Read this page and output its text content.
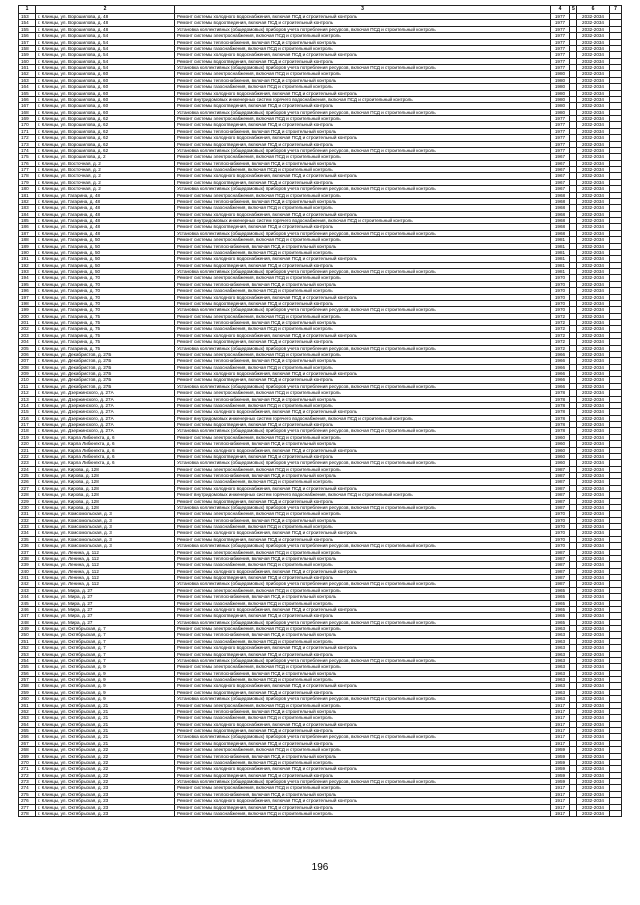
1	2	3	4	5	6	7
153	г. Клинцы, ул. Ворошилова, д. 48	Ремонт системы холодного водоснабжения, включая ПСД и строительный контроль	1977		2032-2034	
154	г. Клинцы, ул. Ворошилова, д. 48	Ремонт системы водоотведения, включая ПСД и строительный контроль	1977		2032-2034	
155	г. Клинцы, ул. Ворошилова, д. 48	Установка коллективных (общедомовых) приборов учета потребления ресурсов, включая ПСД и строительный контроль	1977		2032-2034	
156	г. Клинцы, ул. Ворошилова, д. 54	Ремонт системы электроснабжения, включая ПСД и строительный контроль	1977		2032-2034	
157	г. Клинцы, ул. Ворошилова, д. 54	Ремонт системы теплоснабжения, включая ПСД и строительный контроль	1977		2032-2034	
158	г. Клинцы, ул. Ворошилова, д. 54	Ремонт системы газоснабжения, включая ПСД и строительный контроль	1977		2032-2034	
159	г. Клинцы, ул. Ворошилова, д. 54	Ремонт системы холодного водоснабжения, включая ПСД и строительный контроль	1977		2032-2034	
160	г. Клинцы, ул. Ворошилова, д. 54	Ремонт системы водоотведения, включая ПСД и строительный контроль	1977		2032-2034	
161	г. Клинцы, ул. Ворошилова, д. 54	Установка коллективных (общедомовых) приборов учета потребления ресурсов, включая ПСД и строительный контроль	1977		2032-2034	
162	г. Клинцы, ул. Ворошилова, д. 60	Ремонт системы электроснабжения, включая ПСД и строительный контроль	1980		2032-2034	
163	г. Клинцы, ул. Ворошилова, д. 60	Ремонт системы теплоснабжения, включая ПСД и строительный контроль	1980		2032-2034	
164	г. Клинцы, ул. Ворошилова, д. 60	Ремонт системы газоснабжения, включая ПСД и строительный контроль	1980		2032-2034	
165	г. Клинцы, ул. Ворошилова, д. 60	Ремонт системы холодного водоснабжения, включая ПСД и строительный контроль	1980		2032-2034	
166	г. Клинцы, ул. Ворошилова, д. 60	Ремонт внутридомовых инженерных систем горячего водоснабжения, включая ПСД и строительный контроль	1980		2032-2034	
167	г. Клинцы, ул. Ворошилова, д. 60	Ремонт системы водоотведения, включая ПСД и строительный контроль	1980		2032-2034	
168	г. Клинцы, ул. Ворошилова, д. 60	Установка коллективных (общедомовых) приборов учета потребления ресурсов, включая ПСД и строительный контроль	1980		2032-2034	
169	г. Клинцы, ул. Ворошилова, д. 62	Ремонт системы электроснабжения, включая ПСД и строительный контроль	1977		2032-2034	
170	г. Клинцы, ул. Ворошилова, д. 62	Ремонт системы водоотведения, включая ПСД и строительный контроль	1977		2032-2034	
171	г. Клинцы, ул. Ворошилова, д. 62	Ремонт системы теплоснабжения, включая ПСД и строительный контроль	1977		2032-2034	
172	г. Клинцы, ул. Ворошилова, д. 62	Ремонт системы холодного водоснабжения, включая ПСД и строительный контроль	1977		2032-2034	
173	г. Клинцы, ул. Ворошилова, д. 62	Ремонт системы водоотведения, включая ПСД и строительный контроль	1977		2032-2034	
174	г. Клинцы, ул. Ворошилова, д. 62	Установка коллективных (общедомовых) приборов учета потребления ресурсов, включая ПСД и строительный контроль	1977		2032-2034	
175	г. Клинцы, ул. Ворошилова, д. 2	Ремонт системы электроснабжения, включая ПСД и строительный контроль	1967		2032-2034	
176	г. Клинцы, ул. Восточная, д. 2	Ремонт системы теплоснабжения, включая ПСД и строительный контроль	1967		2032-2034	
177	г. Клинцы, ул. Восточная, д. 2	Ремонт системы газоснабжения, включая ПСД и строительный контроль	1967		2032-2034	
178	г. Клинцы, ул. Восточная, д. 2	Ремонт системы холодного водоснабжения, включая ПСД и строительный контроль	1967		2032-2034	
179	г. Клинцы, ул. Восточная, д. 2	Ремонт системы водоотведения, включая ПСД и строительный контроль	1967		2032-2034	
180	г. Клинцы, ул. Восточная, д. 2	Установка коллективных (общедомовых) приборов учета потребления ресурсов, включая ПСД и строительный контроль	1967		2032-2034	
181	г. Клинцы, ул. Гагарина, д. 48	Ремонт системы электроснабжения, включая ПСД и строительный контроль	1968		2032-2034	
182	г. Клинцы, ул. Гагарина, д. 48	Ремонт системы теплоснабжения, включая ПСД и строительный контроль	1968		2032-2034	
183	г. Клинцы, ул. Гагарина, д. 48	Ремонт системы газоснабжения, включая ПСД и строительный контроль	1968		2032-2034	
184	г. Клинцы, ул. Гагарина, д. 48	Ремонт системы холодного водоснабжения, включая ПСД и строительный контроль	1968		2032-2034	
185	г. Клинцы, ул. Гагарина, д. 48	Ремонт внутридомовых инженерных систем горячего водоснабжения, включая ПСД и строительный контроль	1968		2032-2034	
186	г. Клинцы, ул. Гагарина, д. 48	Ремонт системы водоотведения, включая ПСД и строительный контроль	1968		2032-2034	
187	г. Клинцы, ул. Гагарина, д. 48	Установка коллективных (общедомовых) приборов учета потребления ресурсов, включая ПСД и строительный контроль	1968		2032-2034	
188	г. Клинцы, ул. Гагарина, д. 50	Ремонт системы электроснабжения, включая ПСД и строительный контроль	1981		2032-2034	
189	г. Клинцы, ул. Гагарина, д. 50	Ремонт системы теплоснабжения, включая ПСД и строительный контроль	1981		2032-2034	
190	г. Клинцы, ул. Гагарина, д. 50	Ремонт системы газоснабжения, включая ПСД и строительный контроль	1981		2032-2034	
191	г. Клинцы, ул. Гагарина, д. 50	Ремонт системы холодного водоснабжения, включая ПСД и строительный контроль	1981		2032-2034	
192	г. Клинцы, ул. Гагарина, д. 50	Ремонт системы водоотведения, включая ПСД и строительный контроль	1981		2032-2034	
193	г. Клинцы, ул. Гагарина, д. 50	Установка коллективных (общедомовых) приборов учета потребления ресурсов, включая ПСД и строительный контроль	1981		2032-2034	
194	г. Клинцы, ул. Гагарина, д. 70	Ремонт системы электроснабжения, включая ПСД и строительный контроль	1970		2032-2034	
195	г. Клинцы, ул. Гагарина, д. 70	Ремонт системы теплоснабжения, включая ПСД и строительный контроль	1970		2032-2034	
196	г. Клинцы, ул. Гагарина, д. 70	Ремонт системы газоснабжения, включая ПСД и строительный контроль	1970		2032-2034	
197	г. Клинцы, ул. Гагарина, д. 70	Ремонт системы холодного водоснабжения, включая ПСД и строительный контроль	1970		2032-2034	
198	г. Клинцы, ул. Гагарина, д. 70	Ремонт системы водоотведения, включая ПСД и строительный контроль	1970		2032-2034	
199	г. Клинцы, ул. Гагарина, д. 70	Установка коллективных (общедомовых) приборов учета потребления ресурсов, включая ПСД и строительный контроль	1970		2032-2034	
200	г. Клинцы, ул. Гагарина, д. 75	Ремонт системы электроснабжения, включая ПСД и строительный контроль	1972		2032-2034	
201	г. Клинцы, ул. Гагарина, д. 75	Ремонт системы теплоснабжения, включая ПСД и строительный контроль	1972		2032-2034	
202	г. Клинцы, ул. Гагарина, д. 75	Ремонт системы газоснабжения, включая ПСД и строительный контроль	1972		2032-2034	
203	г. Клинцы, ул. Гагарина, д. 75	Ремонт системы холодного водоснабжения, включая ПСД и строительный контроль	1972		2032-2034	
204	г. Клинцы, ул. Гагарина, д. 75	Ремонт системы водоотведения, включая ПСД и строительный контроль	1972		2032-2034	
205	г. Клинцы, ул. Гагарина, д. 75	Установка коллективных (общедомовых) приборов учета потребления ресурсов, включая ПСД и строительный контроль	1972		2032-2034	
206	г. Клинцы, ул. Декабристов, д. 27Б	Ремонт системы электроснабжения, включая ПСД и строительный контроль	1966		2032-2034	
207	г. Клинцы, ул. Декабристов, д. 27Б	Ремонт системы теплоснабжения, включая ПСД и строительный контроль	1966		2032-2034	
208	г. Клинцы, ул. Декабристов, д. 27Б	Ремонт системы газоснабжения, включая ПСД и строительный контроль	1966		2032-2034	
209	г. Клинцы, ул. Декабристов, д. 27Б	Ремонт системы холодного водоснабжения, включая ПСД и строительный контроль	1966		2032-2034	
210	г. Клинцы, ул. Декабристов, д. 27Б	Ремонт системы водоотведения, включая ПСД и строительный контроль	1966		2032-2034	
211	г. Клинцы, ул. Декабристов, д. 27Б	Установка коллективных (общедомовых) приборов учета потребления ресурсов, включая ПСД и строительный контроль	1966		2032-2034	
212	г. Клинцы, ул. Дзержинского, д. 27А	Ремонт системы электроснабжения, включая ПСД и строительный контроль	1978		2032-2034	
213	г. Клинцы, ул. Дзержинского, д. 27А	Ремонт системы теплоснабжения, включая ПСД и строительный контроль	1978		2032-2034	
214	г. Клинцы, ул. Дзержинского, д. 27А	Ремонт системы газоснабжения, включая ПСД и строительный контроль	1978		2032-2034	
215	г. Клинцы, ул. Дзержинского, д. 27А	Ремонт системы холодного водоснабжения, включая ПСД и строительный контроль	1978		2032-2034	
216	г. Клинцы, ул. Дзержинского, д. 27А	Ремонт внутридомовых инженерных систем горячего водоснабжения, включая ПСД и строительный контроль	1978		2032-2034	
217	г. Клинцы, ул. Дзержинского, д. 27А	Ремонт системы водоотведения, включая ПСД и строительный контроль	1978		2032-2034	
218	г. Клинцы, ул. Дзержинского, д. 27А	Установка коллективных (общедомовых) приборов учета потребления ресурсов, включая ПСД и строительный контроль	1978		2032-2034	
219	г. Клинцы, ул. Карла Либкнехта, д. 6	Ремонт системы электроснабжения, включая ПСД и строительный контроль	1960		2032-2034	
220	г. Клинцы, ул. Карла Либкнехта, д. 6	Ремонт системы теплоснабжения, включая ПСД и строительный контроль	1960		2032-2034	
221	г. Клинцы, ул. Карла Либкнехта, д. 6	Ремонт системы холодного водоснабжения, включая ПСД и строительный контроль	1960		2032-2034	
222	г. Клинцы, ул. Карла Либкнехта, д. 6	Ремонт системы водоотведения, включая ПСД и строительный контроль	1960		2032-2034	
223	г. Клинцы, ул. Карла Либкнехта, д. 6	Установка коллективных (общедомовых) приборов учета потребления ресурсов, включая ПСД и строительный контроль	1960		2032-2034	
224	г. Клинцы, ул. Кирова, д. 128	Ремонт системы электроснабжения, включая ПСД и строительный контроль	1987		2032-2034	
225	г. Клинцы, ул. Кирова, д. 128	Ремонт системы теплоснабжения, включая ПСД и строительный контроль	1987		2032-2034	
226	г. Клинцы, ул. Кирова, д. 128	Ремонт системы газоснабжения, включая ПСД и строительный контроль	1987		2032-2034	
227	г. Клинцы, ул. Кирова, д. 128	Ремонт системы холодного водоснабжения, включая ПСД и строительный контроль	1987		2032-2034	
228	г. Клинцы, ул. Кирова, д. 128	Ремонт внутридомовых инженерных систем горячего водоснабжения, включая ПСД и строительный контроль	1987		2032-2034	
229	г. Клинцы, ул. Кирова, д. 128	Ремонт системы водоотведения, включая ПСД и строительный контроль	1987		2032-2034	
230	г. Клинцы, ул. Кирова, д. 128	Установка коллективных (общедомовых) приборов учета потребления ресурсов, включая ПСД и строительный контроль	1987		2032-2034	
231	г. Клинцы, ул. Комсомольская, д. 3	Ремонт системы электроснабжения, включая ПСД и строительный контроль	1970		2032-2034	
232	г. Клинцы, ул. Комсомольская, д. 3	Ремонт системы теплоснабжения, включая ПСД и строительный контроль	1970		2032-2034	
233	г. Клинцы, ул. Комсомольская, д. 3	Ремонт системы газоснабжения, включая ПСД и строительный контроль	1970		2032-2034	
234	г. Клинцы, ул. Комсомольская, д. 3	Ремонт системы холодного водоснабжения, включая ПСД и строительный контроль	1970		2032-2034	
235	г. Клинцы, ул. Комсомольская, д. 3	Ремонт системы водоотведения, включая ПСД и строительный контроль	1970		2032-2034	
236	г. Клинцы, ул. Комсомольская, д. 3	Установка коллективных (общедомовых) приборов учета потребления ресурсов, включая ПСД и строительный контроль	1970		2032-2034	
237	г. Клинцы, ул. Ленина, д. 112	Ремонт системы электроснабжения, включая ПСД и строительный контроль	1987		2032-2034	
238	г. Клинцы, ул. Ленина, д. 112	Ремонт системы теплоснабжения, включая ПСД и строительный контроль	1987		2032-2034	
239	г. Клинцы, ул. Ленина, д. 112	Ремонт системы газоснабжения, включая ПСД и строительный контроль	1987		2032-2034	
240	г. Клинцы, ул. Ленина, д. 112	Ремонт системы холодного водоснабжения, включая ПСД и строительный контроль	1987		2032-2034	
241	г. Клинцы, ул. Ленина, д. 112	Ремонт системы водоотведения, включая ПСД и строительный контроль	1987		2032-2034	
242	г. Клинцы, ул. Ленина, д. 112	Установка коллективных (общедомовых) приборов учета потребления ресурсов, включая ПСД и строительный контроль	1987		2032-2034	
243	г. Клинцы, ул. Мира, д. 27	Ремонт системы электроснабжения, включая ПСД и строительный контроль	1965		2032-2034	
244	г. Клинцы, ул. Мира, д. 27	Ремонт системы теплоснабжения, включая ПСД и строительный контроль	1965		2032-2034	
245	г. Клинцы, ул. Мира, д. 27	Ремонт системы газоснабжения, включая ПСД и строительный контроль	1965		2032-2034	
246	г. Клинцы, ул. Мира, д. 27	Ремонт системы холодного водоснабжения, включая ПСД и строительный контроль	1965		2032-2034	
247	г. Клинцы, ул. Мира, д. 27	Ремонт системы водоотведения, включая ПСД и строительный контроль	1965		2032-2034	
248	г. Клинцы, ул. Мира, д. 27	Установка коллективных (общедомовых) приборов учета потребления ресурсов, включая ПСД и строительный контроль	1965		2032-2034	
249	г. Клинцы, ул. Октябрьская, д. 7	Ремонт системы электроснабжения, включая ПСД и строительный контроль	1963		2032-2034	
250	г. Клинцы, ул. Октябрьская, д. 7	Ремонт системы теплоснабжения, включая ПСД и строительный контроль	1963		2032-2034	
251	г. Клинцы, ул. Октябрьская, д. 7	Ремонт системы газоснабжения, включая ПСД и строительный контроль	1963		2032-2034	
252	г. Клинцы, ул. Октябрьская, д. 7	Ремонт системы холодного водоснабжения, включая ПСД и строительный контроль	1963		2032-2034	
253	г. Клинцы, ул. Октябрьская, д. 7	Ремонт системы водоотведения, включая ПСД и строительный контроль	1963		2032-2034	
254	г. Клинцы, ул. Октябрьская, д. 7	Установка коллективных (общедомовых) приборов учета потребления ресурсов, включая ПСД и строительный контроль	1963		2032-2034	
255	г. Клинцы, ул. Октябрьская, д. 9	Ремонт системы электроснабжения, включая ПСД и строительный контроль	1963		2032-2034	
256	г. Клинцы, ул. Октябрьская, д. 9	Ремонт системы теплоснабжения, включая ПСД и строительный контроль	1963		2032-2034	
257	г. Клинцы, ул. Октябрьская, д. 9	Ремонт системы газоснабжения, включая ПСД и строительный контроль	1963		2032-2034	
258	г. Клинцы, ул. Октябрьская, д. 9	Ремонт системы холодного водоснабжения, включая ПСД и строительный контроль	1963		2032-2034	
259	г. Клинцы, ул. Октябрьская, д. 9	Ремонт системы водоотведения, включая ПСД и строительный контроль	1963		2032-2034	
260	г. Клинцы, ул. Октябрьская, д. 9	Установка коллективных (общедомовых) приборов учета потребления ресурсов, включая ПСД и строительный контроль	1963		2032-2034	
261	г. Клинцы, ул. Октябрьская, д. 21	Ремонт системы электроснабжения, включая ПСД и строительный контроль	1917		2032-2034	
262	г. Клинцы, ул. Октябрьская, д. 21	Ремонт системы теплоснабжения, включая ПСД и строительный контроль	1917		2032-2034	
263	г. Клинцы, ул. Октябрьская, д. 21	Ремонт системы газоснабжения, включая ПСД и строительный контроль	1917		2032-2034	
264	г. Клинцы, ул. Октябрьская, д. 21	Ремонт системы холодного водоснабжения, включая ПСД и строительный контроль	1917		2032-2034	
265	г. Клинцы, ул. Октябрьская, д. 21	Ремонт системы водоотведения, включая ПСД и строительный контроль	1917		2032-2034	
266	г. Клинцы, ул. Октябрьская, д. 21	Установка коллективных (общедомовых) приборов учета потребления ресурсов, включая ПСД и строительный контроль	1917		2032-2034	
267	г. Клинцы, ул. Октябрьская, д. 21	Ремонт системы водоотведения, включая ПСД и строительный контроль	1917		2032-2034	
268	г. Клинцы, ул. Октябрьская, д. 22	Ремонт системы электроснабжения, включая ПСД и строительный контроль	1959		2032-2034	
269	г. Клинцы, ул. Октябрьская, д. 22	Ремонт системы теплоснабжения, включая ПСД и строительный контроль	1959		2032-2034	
270	г. Клинцы, ул. Октябрьская, д. 22	Ремонт системы газоснабжения, включая ПСД и строительный контроль	1959		2032-2034	
271	г. Клинцы, ул. Октябрьская, д. 22	Ремонт системы холодного водоснабжения, включая ПСД и строительный контроль	1959		2032-2034	
272	г. Клинцы, ул. Октябрьская, д. 22	Ремонт системы водоотведения, включая ПСД и строительный контроль	1959		2032-2034	
273	г. Клинцы, ул. Октябрьская, д. 22	Установка коллективных (общедомовых) приборов учета потребления ресурсов, включая ПСД и строительный контроль	1959		2032-2034	
274	г. Клинцы, ул. Октябрьская, д. 23	Ремонт системы электроснабжения, включая ПСД и строительный контроль	1917		2032-2034	
275	г. Клинцы, ул. Октябрьская, д. 23	Ремонт системы теплоснабжения, включая ПСД и строительный контроль	1917		2032-2034	
276	г. Клинцы, ул. Октябрьская, д. 23	Ремонт системы холодного водоснабжения, включая ПСД и строительный контроль	1917		2032-2034	
277	г. Клинцы, ул. Октябрьская, д. 23	Ремонт системы водоотведения, включая ПСД и строительный контроль	1917		2032-2034	
278	г. Клинцы, ул. Октябрьская, д. 23	Ремонт системы газоснабжения, включая ПСД и строительный контроль	1917		2032-2034	
196
